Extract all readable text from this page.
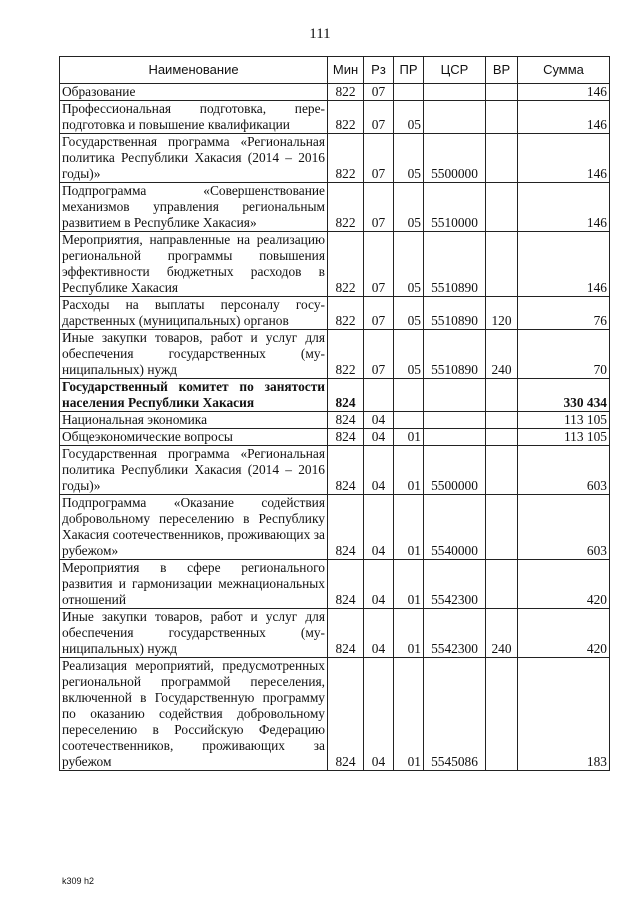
111
Наименование	Мин	Рз	ПР	ЦСР	ВР	Сумма
Образование	822	07				146
Профессиональная подготовка, переподготовка и повышение квалификации	822	07	05			146
Государственная программа «Региональная политика Республики Хакасия (2014 – 2016 годы)»	822	07	05	5500000		146
Подпрограмма «Совершенствование механизмов управления региональным развитием в Республике Хакасия»	822	07	05	5510000		146
Мероприятия, направленные на реализацию региональной программы повышения эффективности бюджетных расходов в Республике Хакасия	822	07	05	5510890		146
Расходы на выплаты персоналу государственных (муниципальных) органов	822	07	05	5510890	120	76
Иные закупки товаров, работ и услуг для обеспечения государственных (муниципальных) нужд	822	07	05	5510890	240	70
Государственный комитет по занятости населения Республики Хакасия	824					330 434
Национальная экономика	824	04				113 105
Общеэкономические вопросы	824	04	01			113 105
Государственная программа «Региональная политика Республики Хакасия (2014 – 2016 годы)»	824	04	01	5500000		603
Подпрограмма «Оказание содействия добровольному переселению в Республику Хакасия соотечественников, проживающих за рубежом»	824	04	01	5540000		603
Мероприятия в сфере регионального развития и гармонизации межнациональных отношений	824	04	01	5542300		420
Иные закупки товаров, работ и услуг для обеспечения государственных (муниципальных) нужд	824	04	01	5542300	240	420
Реализация мероприятий, предусмотренных региональной программой переселения, включенной в Государственную программу по оказанию содействия добровольному переселению в Российскую Федерацию соотечественников, проживающих за рубежом	824	04	01	5545086		183
k309 h2
